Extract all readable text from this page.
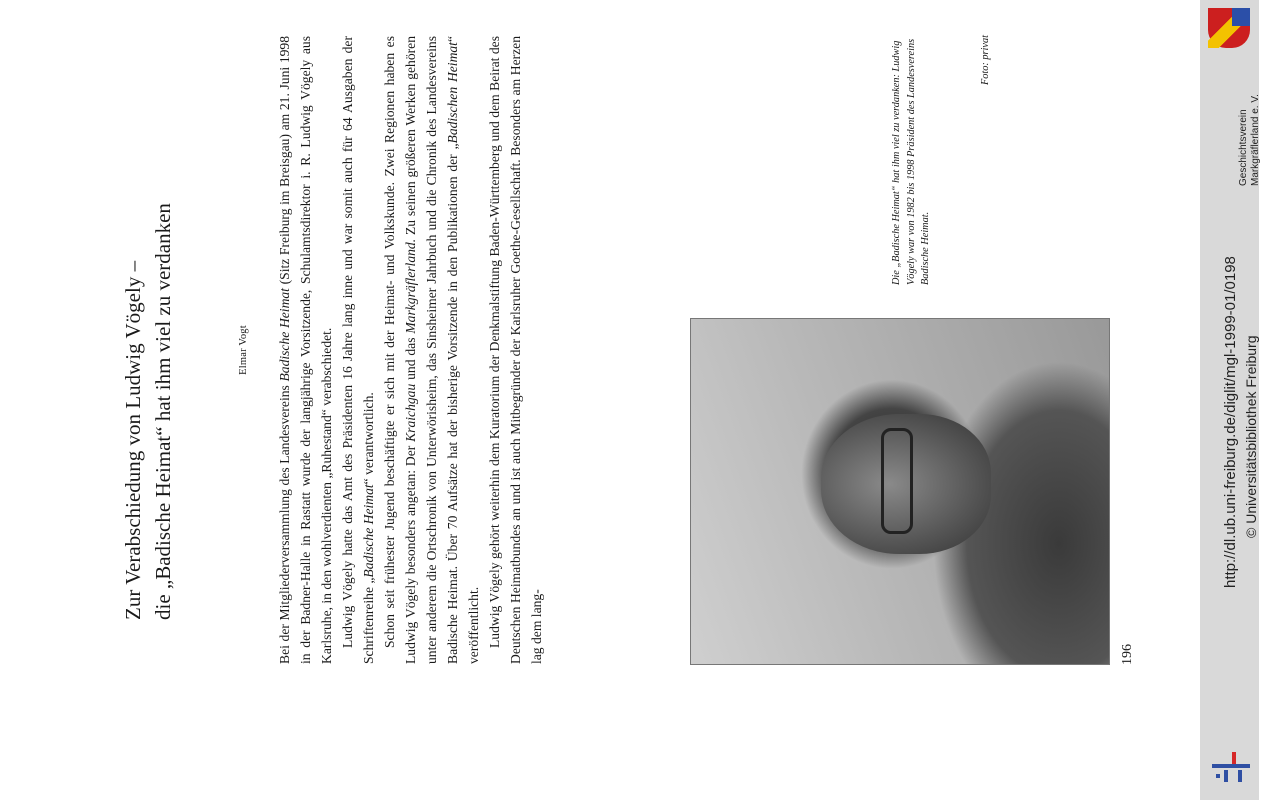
Zur Verabschiedung von Ludwig Vögely – die „Badische Heimat“ hat ihm viel zu verdanken	Elmar Vogt

Bei der Mitgliederversammlung des Landesvereins Badische Heimat (Sitz Freiburg im Breisgau) am 21. Juni 1998 in der Badner-Halle in Rastatt wurde der langjährige Vorsitzende, Schulamtsdirektor i. R. Ludwig Vögely aus Karlsruhe, in den wohlverdienten „Ruhestand“ verabschiedet. Ludwig Vögely hatte das Amt des Präsidenten 16 Jahre lang inne und war somit auch für 64 Ausgaben der Schriftenreihe „Badische Heimat“ verantwortlich. Schon seit frühester Jugend beschäftigte er sich mit der Heimat- und Volkskunde. Zwei Regionen haben es Ludwig Vögely besonders angetan: Der Kraichgau und das Markgräflerland. Zu seinen größeren Werken gehören unter anderem die Ortschronik von Unterwörisheim, das Sinsheimer Jahrbuch und die Chronik des Landesvereins Badische Heimat. Über 70 Aufsätze hat der bisherige Vorsitzende in den Publikationen der „Badischen Heimat“ veröffentlicht. Ludwig Vögely gehört weiterhin dem Kuratorium der Denkmalstiftung Baden-Württemberg und dem Beirat des Deutschen Heimatbundes an und ist auch Mitbegründer der Karlsruher Goethe-Gesellschaft. Besonders am Herzen lag dem lang-

Die „Badische Heimat“ hat ihm viel zu verdanken: Ludwig Vögely war von 1982 bis 1998 Präsident des Landesvereins Badische Heimat.
Foto: privat
196
Geschichtsverein Markgräflerland e. V.
http://dl.ub.uni-freiburg.de/diglit/mgl-1999-01/0198 © Universitätsbibliothek Freiburg
